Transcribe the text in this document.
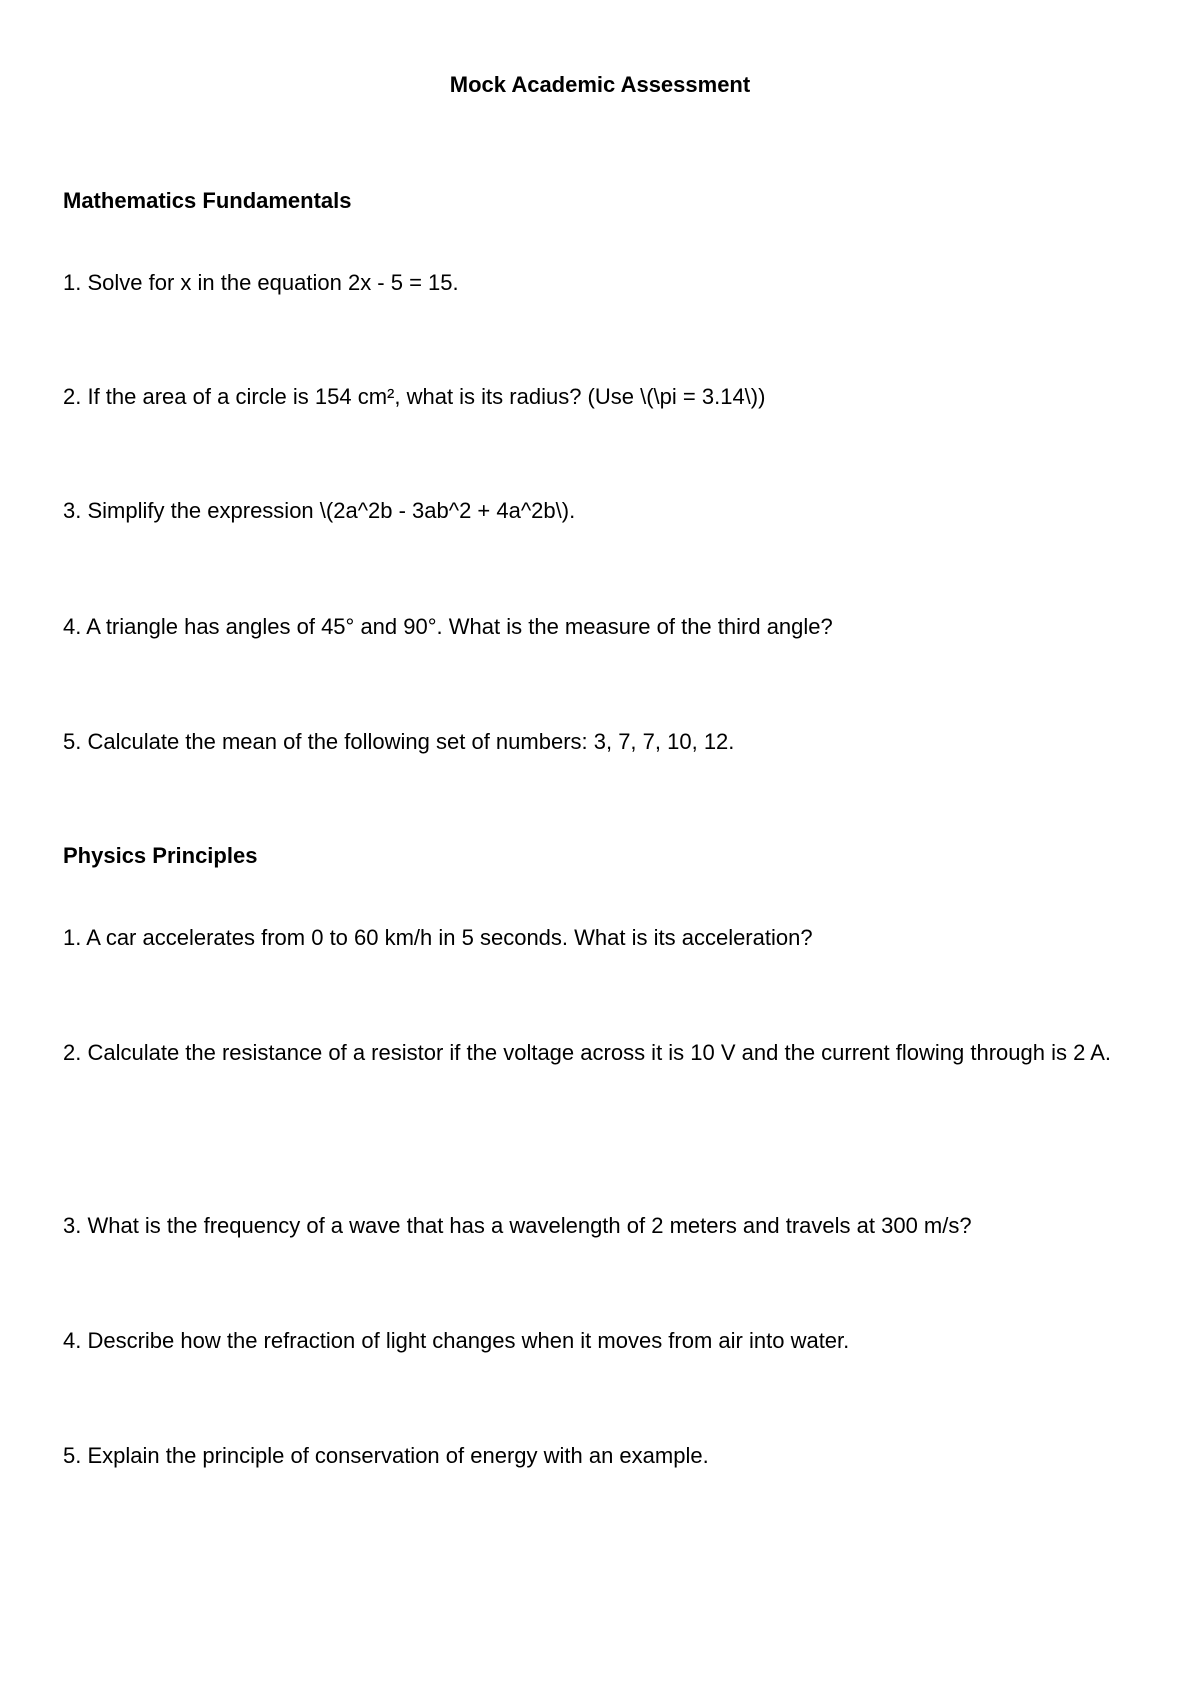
Mock Academic Assessment
Mathematics Fundamentals

1. Solve for x in the equation 2x - 5 = 15.

2. If the area of a circle is 154 cm², what is its radius? (Use \(\pi = 3.14\))

3. Simplify the expression \(2a^2b - 3ab^2 + 4a^2b\).

4. A triangle has angles of 45° and 90°. What is the measure of the third angle?

5. Calculate the mean of the following set of numbers: 3, 7, 7, 10, 12.

Physics Principles

1. A car accelerates from 0 to 60 km/h in 5 seconds. What is its acceleration?

2. Calculate the resistance of a resistor if the voltage across it is 10 V and the current flowing through is 2 A.

3. What is the frequency of a wave that has a wavelength of 2 meters and travels at 300 m/s?

4. Describe how the refraction of light changes when it moves from air into water.

5. Explain the principle of conservation of energy with an example.
